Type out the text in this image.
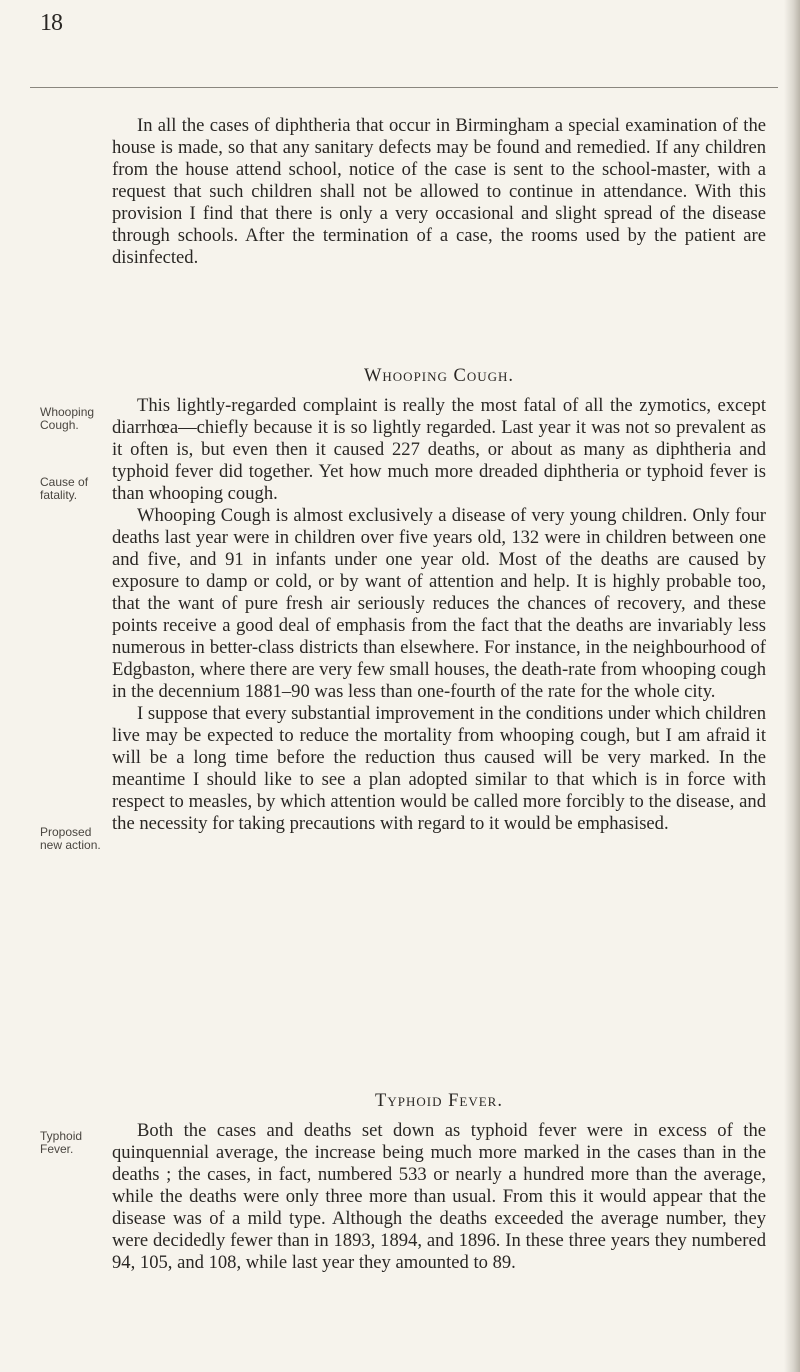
18

In all the cases of diphtheria that occur in Birmingham a special examination of the house is made, so that any sanitary defects may be found and remedied. If any children from the house attend school, notice of the case is sent to the school-master, with a request that such children shall not be allowed to continue in attendance. With this provision I find that there is only a very occasional and slight spread of the disease through schools. After the termination of a case, the rooms used by the patient are disinfected.

Whooping Cough.
Whooping Cough.
Cause of fatality.
Proposed new action.

This lightly-regarded complaint is really the most fatal of all the zymotics, except diarrhœa—chiefly because it is so lightly regarded. Last year it was not so prevalent as it often is, but even then it caused 227 deaths, or about as many as diphtheria and typhoid fever did together. Yet how much more dreaded diphtheria or typhoid fever is than whooping cough.

Whooping Cough is almost exclusively a disease of very young children. Only four deaths last year were in children over five years old, 132 were in children between one and five, and 91 in infants under one year old. Most of the deaths are caused by exposure to damp or cold, or by want of attention and help. It is highly probable too, that the want of pure fresh air seriously reduces the chances of recovery, and these points receive a good deal of emphasis from the fact that the deaths are invariably less numerous in better-class districts than elsewhere. For instance, in the neighbourhood of Edgbaston, where there are very few small houses, the death-rate from whooping cough in the decennium 1881–90 was less than one-fourth of the rate for the whole city.

I suppose that every substantial improvement in the conditions under which children live may be expected to reduce the mortality from whooping cough, but I am afraid it will be a long time before the reduction thus caused will be very marked. In the meantime I should like to see a plan adopted similar to that which is in force with respect to measles, by which attention would be called more forcibly to the disease, and the necessity for taking precautions with regard to it would be emphasised.

Typhoid Fever.
Typhoid Fever.

Both the cases and deaths set down as typhoid fever were in excess of the quinquennial average, the increase being much more marked in the cases than in the deaths ; the cases, in fact, numbered 533 or nearly a hundred more than the average, while the deaths were only three more than usual. From this it would appear that the disease was of a mild type. Although the deaths exceeded the average number, they were decidedly fewer than in 1893, 1894, and 1896. In these three years they numbered 94, 105, and 108, while last year they amounted to 89.
